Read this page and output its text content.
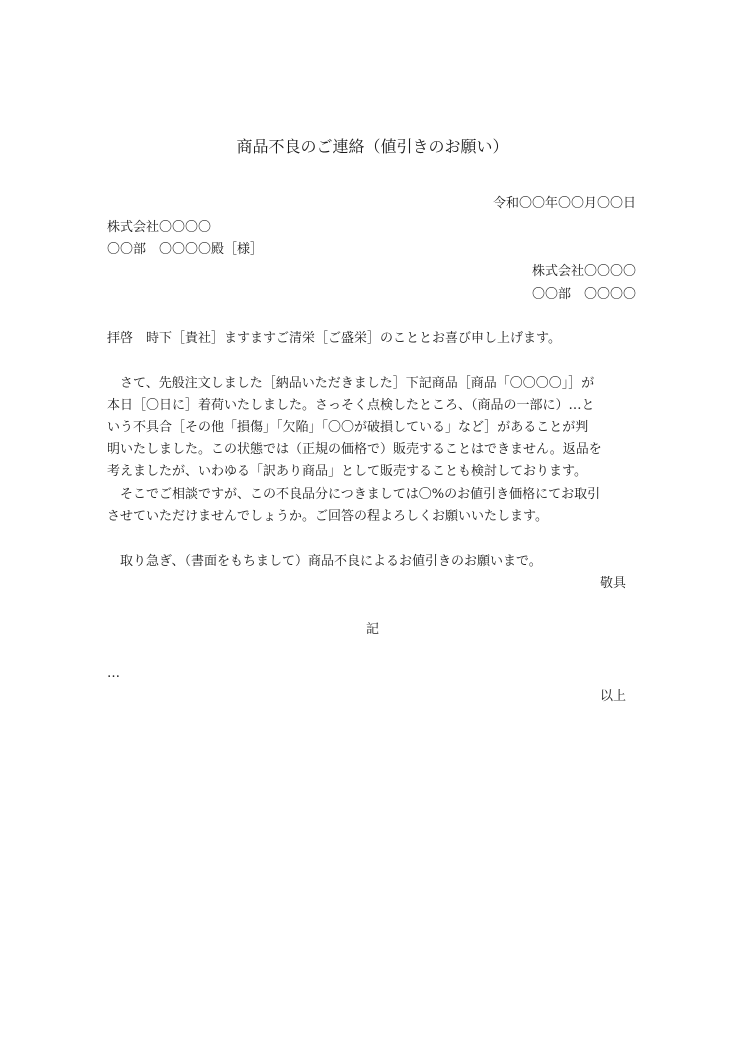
商品不良のご連絡（値引きのお願い）
令和〇〇年〇〇月〇〇日
株式会社〇〇〇〇
〇〇部　〇〇〇〇殿［様］
株式会社〇〇〇〇
〇〇部　〇〇〇〇
拝啓　時下［貴社］ますますご清栄［ご盛栄］のこととお喜び申し上げます。
　さて、先般注文しました［納品いただきました］下記商品［商品「〇〇〇〇」］が
本日［〇日に］着荷いたしました。さっそく点検したところ、（商品の一部に）…と
いう不具合［その他「損傷」「欠陥」「〇〇が破損している」など］があることが判
明いたしました。この状態では（正規の価格で）販売することはできません。返品を
考えましたが、いわゆる「訳あり商品」として販売することも検討しております。
　そこでご相談ですが、この不良品分につきましては〇%のお値引き価格にてお取引
させていただけませんでしょうか。ご回答の程よろしくお願いいたします。
　取り急ぎ、（書面をもちまして）商品不良によるお値引きのお願いまで。
敬具
記
…
以上
